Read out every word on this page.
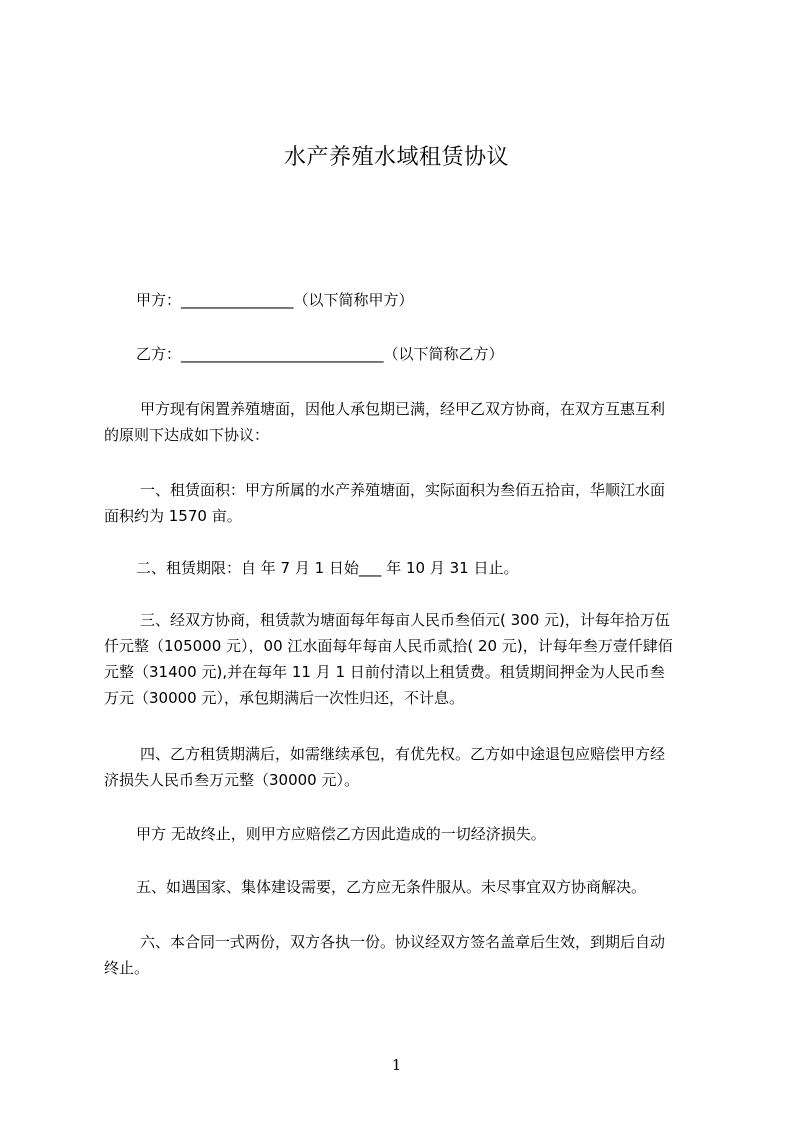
水产养殖水域租赁协议
甲方：_______________（以下简称甲方）
乙方：___________________________（以下简称乙方）
甲方现有闲置养殖塘面，因他人承包期已满，经甲乙双方协商，在双方互惠互利
的原则下达成如下协议：
一、租赁面积：甲方所属的水产养殖塘面，实际面积为叁佰五拾亩，华顺江水面
面积约为 1570 亩。
二、租赁期限：自 年 7 月 1 日始___ 年 10 月 31 日止。
三、经双方协商，租赁款为塘面每年每亩人民币叁佰元( 300 元)，计每年拾万伍
仟元整（105000 元），00 江水面每年每亩人民币贰拾( 20 元)，计每年叁万壹仟肆佰
元整（31400 元),并在每年 11 月 1 日前付清以上租赁费。租赁期间押金为人民币叁
万元（30000 元），承包期满后一次性归还，不计息。
四、乙方租赁期满后，如需继续承包，有优先权。乙方如中途退包应赔偿甲方经
济损失人民币叁万元整（30000 元）。
甲方 无故终止，则甲方应赔偿乙方因此造成的一切经济损失。
五、如遇国家、集体建设需要，乙方应无条件服从。未尽事宜双方协商解决。
六、本合同一式两份，双方各执一份。协议经双方签名盖章后生效，到期后自动
终止。
1
